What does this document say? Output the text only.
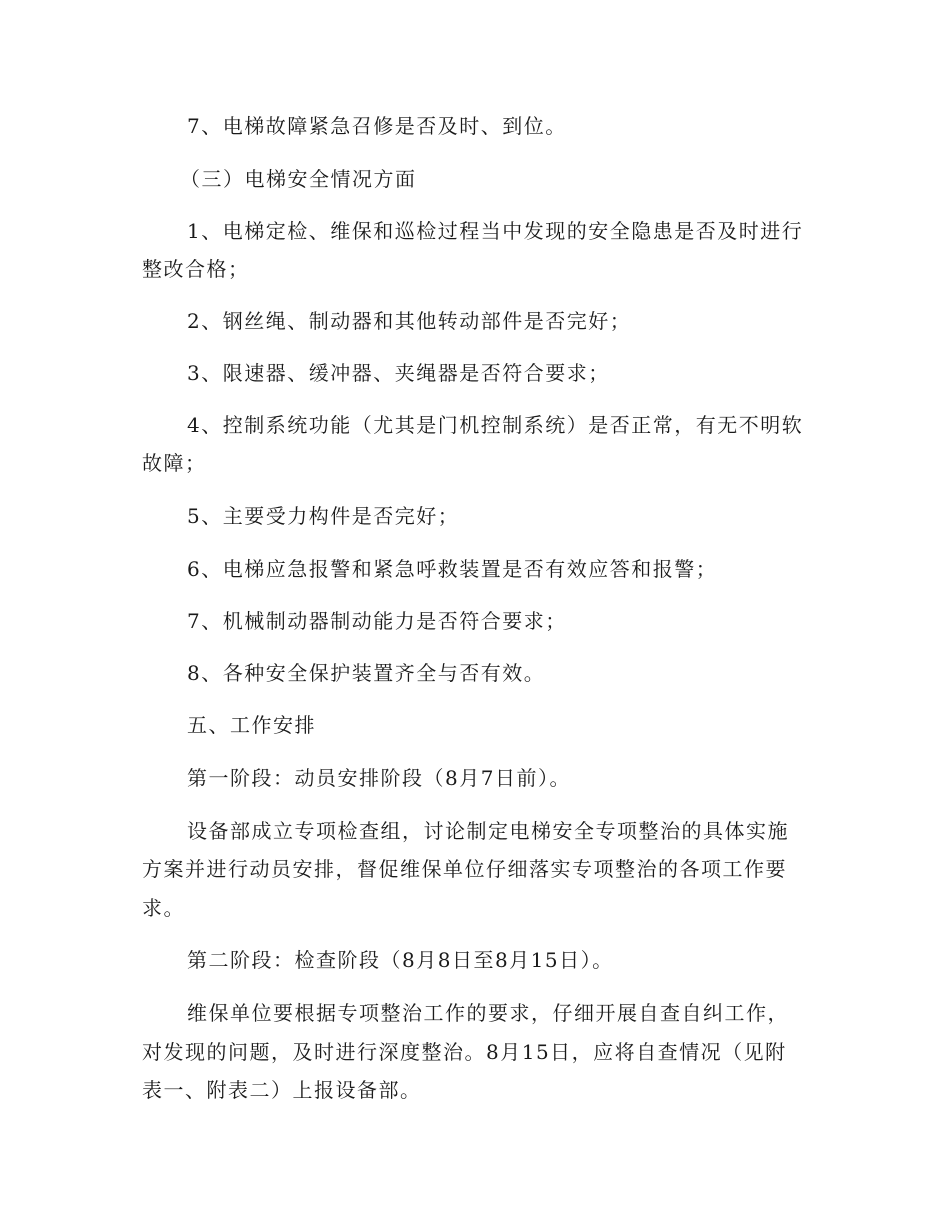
7、电梯故障紧急召修是否及时、到位。

（三）电梯安全情况方面

1、电梯定检、维保和巡检过程当中发现的安全隐患是否及时进行

整改合格；

2、钢丝绳、制动器和其他转动部件是否完好；

3、限速器、缓冲器、夹绳器是否符合要求；

4、控制系统功能（尤其是门机控制系统）是否正常，有无不明软

故障；

5、主要受力构件是否完好；

6、电梯应急报警和紧急呼救装置是否有效应答和报警；

7、机械制动器制动能力是否符合要求；

8、各种安全保护装置齐全与否有效。

五、工作安排

第一阶段：动员安排阶段（8月7日前）。

设备部成立专项检查组，讨论制定电梯安全专项整治的具体实施

方案并进行动员安排，督促维保单位仔细落实专项整治的各项工作要

求。

第二阶段：检查阶段（8月8日至8月15日）。

维保单位要根据专项整治工作的要求，仔细开展自查自纠工作，

对发现的问题，及时进行深度整治。8月15日，应将自查情况（见附

表一、附表二）上报设备部。
